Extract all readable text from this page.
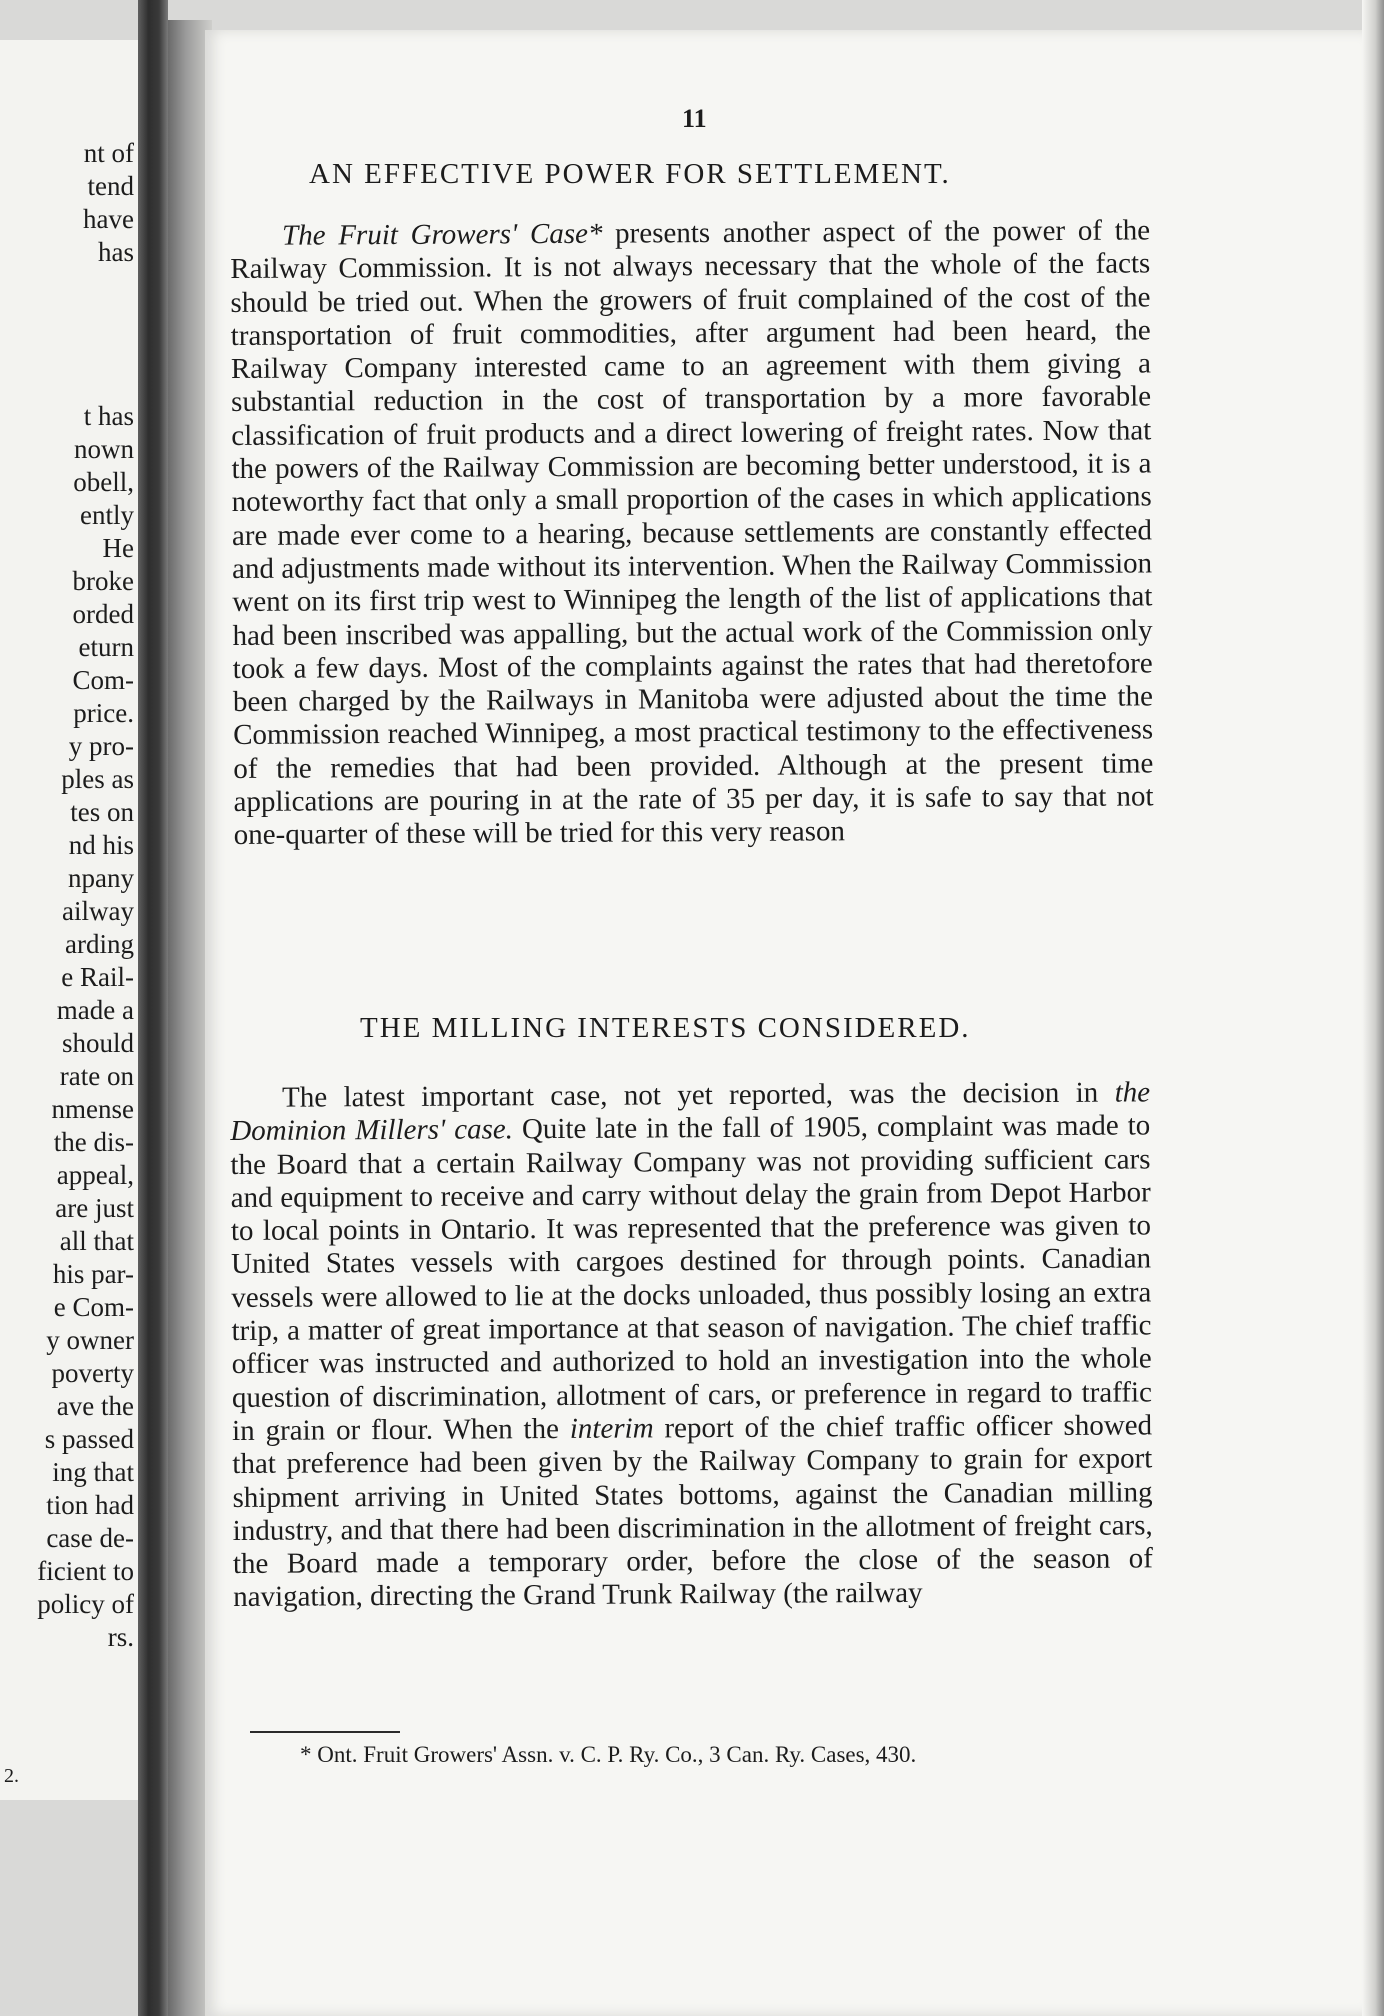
2.
nt of
tend
have
has
t has
nown
obell,
ently
He
broke
orded
eturn
Com-
price.
y pro-
ples as
tes on
nd his
npany
ailway
arding
e Rail-
made a
should
rate on
nmense
the dis-
appeal,
are just
all that
his par-
e Com-
y owner
poverty
ave the
s passed
ing that
tion had
case de-
ficient to
policy of
rs.
11
AN EFFECTIVE POWER FOR SETTLEMENT.
The Fruit Growers' Case* presents another aspect of the power of the Railway Commission. It is not always necessary that the whole of the facts should be tried out. When the growers of fruit complained of the cost of the transportation of fruit commodities, after argument had been heard, the Railway Company interested came to an agreement with them giving a substantial reduction in the cost of transportation by a more favorable classification of fruit products and a direct lowering of freight rates. Now that the powers of the Railway Commission are becoming better understood, it is a noteworthy fact that only a small proportion of the cases in which applications are made ever come to a hearing, because settlements are constantly effected and adjustments made without its intervention. When the Railway Commission went on its first trip west to Winnipeg the length of the list of applications that had been inscribed was appalling, but the actual work of the Commission only took a few days. Most of the complaints against the rates that had theretofore been charged by the Railways in Manitoba were adjusted about the time the Commission reached Winnipeg, a most practical testimony to the effectiveness of the remedies that had been provided. Although at the present time applications are pouring in at the rate of 35 per day, it is safe to say that not one-quarter of these will be tried for this very reason
THE MILLING INTERESTS CONSIDERED.
The latest important case, not yet reported, was the decision in the Dominion Millers' case. Quite late in the fall of 1905, complaint was made to the Board that a certain Railway Company was not providing sufficient cars and equipment to receive and carry without delay the grain from Depot Harbor to local points in Ontario. It was represented that the preference was given to United States vessels with cargoes destined for through points. Canadian vessels were allowed to lie at the docks unloaded, thus possibly losing an extra trip, a matter of great importance at that season of navigation. The chief traffic officer was instructed and authorized to hold an investigation into the whole question of discrimination, allotment of cars, or preference in regard to traffic in grain or flour. When the interim report of the chief traffic officer showed that preference had been given by the Railway Company to grain for export shipment arriving in United States bottoms, against the Canadian milling industry, and that there had been discrimination in the allotment of freight cars, the Board made a temporary order, before the close of the season of navigation, directing the Grand Trunk Railway (the railway
* Ont. Fruit Growers' Assn. v. C. P. Ry. Co., 3 Can. Ry. Cases, 430.
